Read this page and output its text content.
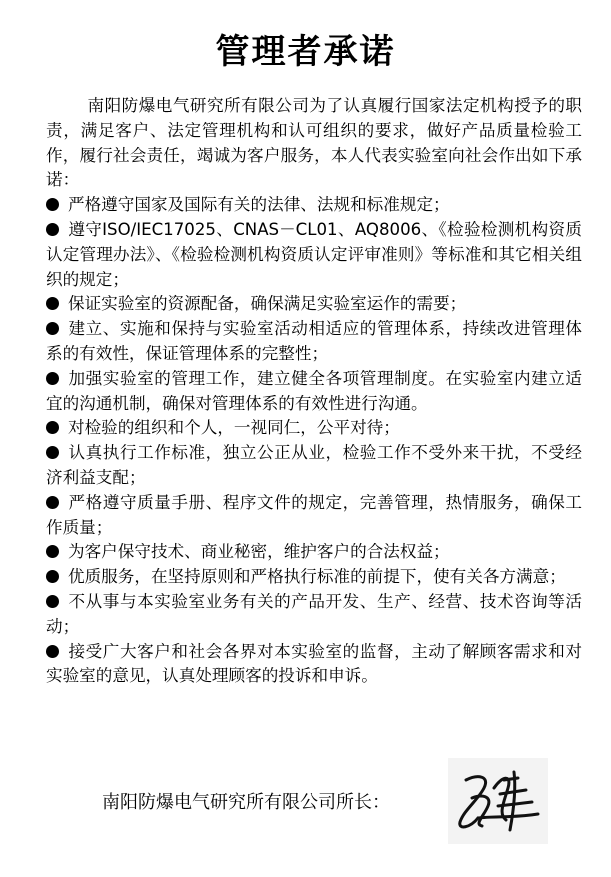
管理者承诺

南阳防爆电气研究所有限公司为了认真履行国家法定机构授予的职责，满足客户、法定管理机构和认可组织的要求，做好产品质量检验工作，履行社会责任，竭诚为客户服务，本人代表实验室向社会作出如下承诺：

严格遵守国家及国际有关的法律、法规和标准规定；

遵守ISO/IEC17025、CNAS－CL01、AQ8006、《检验检测机构资质认定管理办法》、《检验检测机构资质认定评审准则》等标准和其它相关组织的规定；

保证实验室的资源配备，确保满足实验室运作的需要；

建立、实施和保持与实验室活动相适应的管理体系，持续改进管理体系的有效性，保证管理体系的完整性；

加强实验室的管理工作，建立健全各项管理制度。在实验室内建立适宜的沟通机制，确保对管理体系的有效性进行沟通。

对检验的组织和个人，一视同仁，公平对待；

认真执行工作标准，独立公正从业，检验工作不受外来干扰，不受经济利益支配；

严格遵守质量手册、程序文件的规定，完善管理，热情服务，确保工作质量；

为客户保守技术、商业秘密，维护客户的合法权益；

优质服务，在坚持原则和严格执行标准的前提下，使有关各方满意；

不从事与本实验室业务有关的产品开发、生产、经营、技术咨询等活动；

接受广大客户和社会各界对本实验室的监督，主动了解顾客需求和对实验室的意见，认真处理顾客的投诉和申诉。

南阳防爆电气研究所有限公司所长：
